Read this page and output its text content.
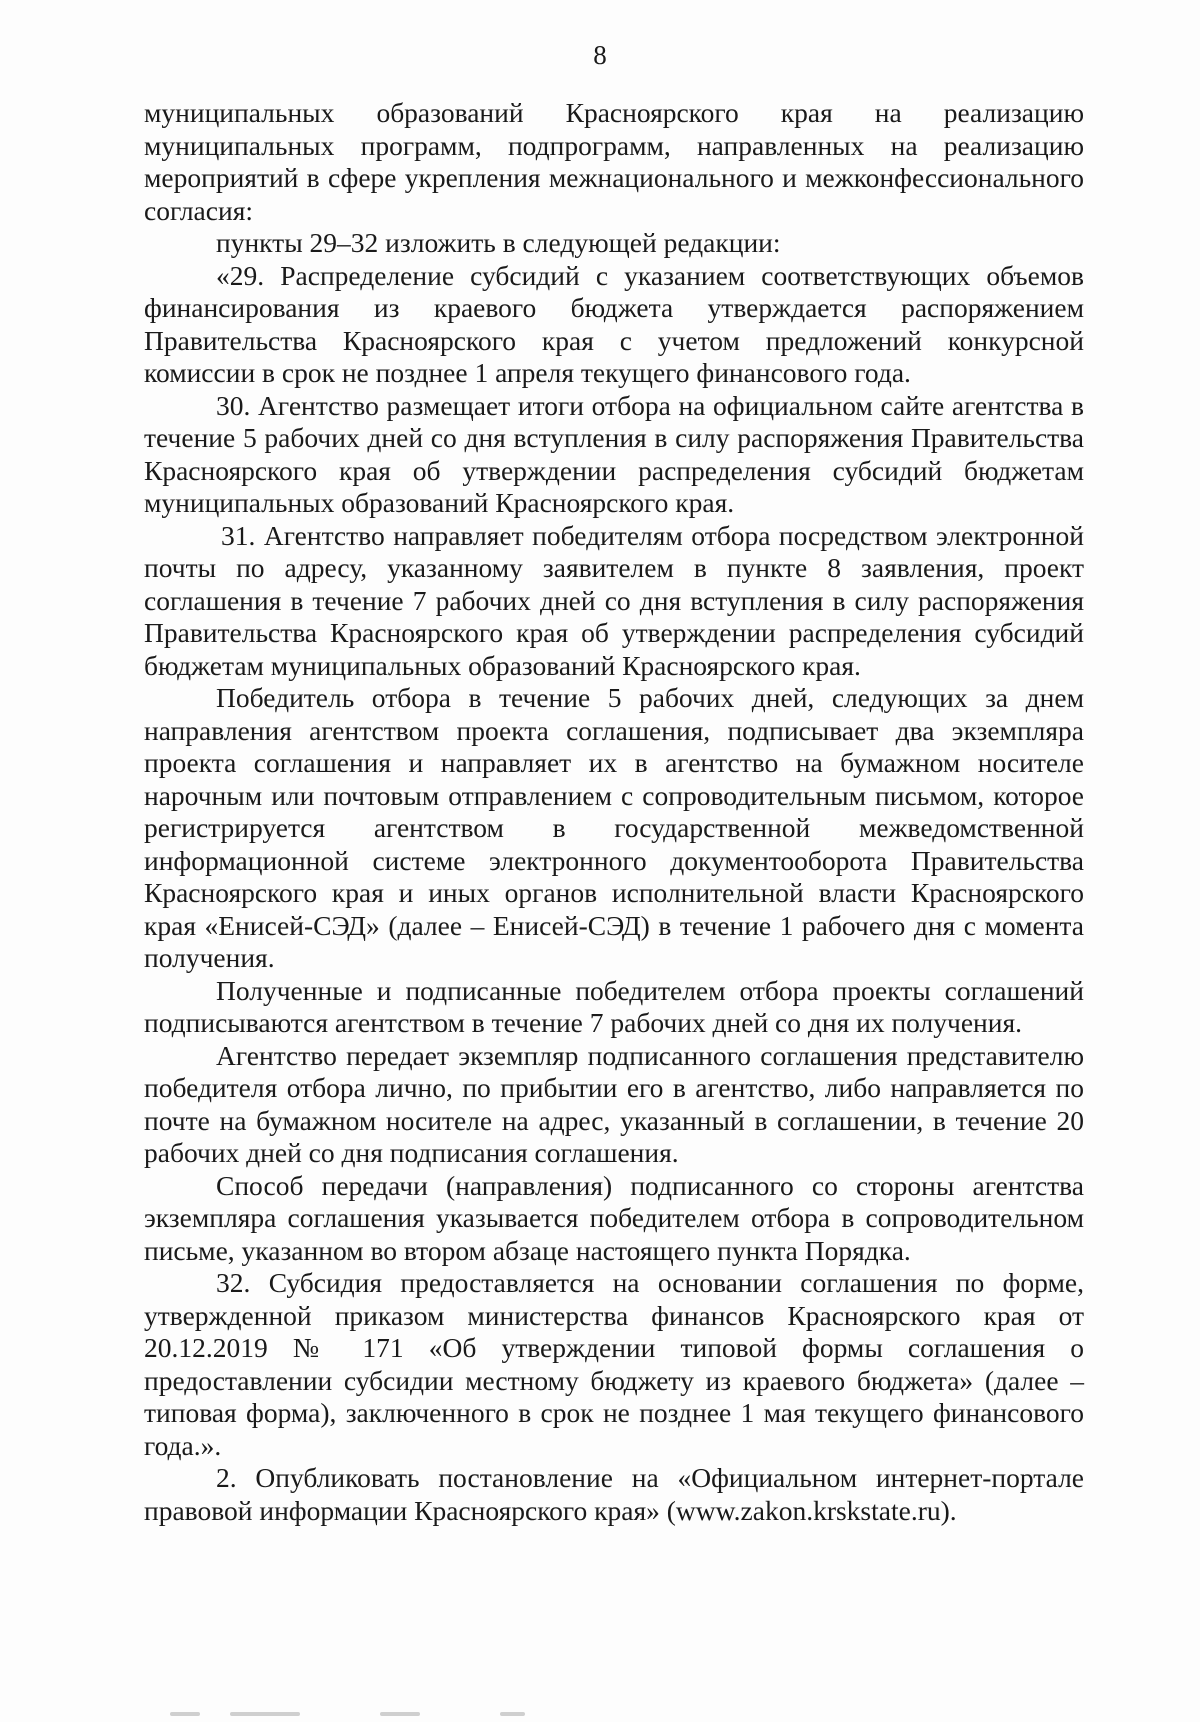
8

муниципальных образований Красноярского края на реализацию муниципальных программ, подпрограмм, направленных на реализацию мероприятий в сфере укрепления межнационального и межконфессионального согласия:

пункты 29–32 изложить в следующей редакции:

«29. Распределение субсидий с указанием соответствующих объемов финансирования из краевого бюджета утверждается распоряжением Правительства Красноярского края с учетом предложений конкурсной комиссии в срок не позднее 1 апреля текущего финансового года.

30. Агентство размещает итоги отбора на официальном сайте агентства в течение 5 рабочих дней со дня вступления в силу распоряжения Правительства Красноярского края об утверждении распределения субсидий бюджетам муниципальных образований Красноярского края.

31. Агентство направляет победителям отбора посредством электронной почты по адресу, указанному заявителем в пункте 8 заявления, проект соглашения в течение 7 рабочих дней со дня вступления в силу распоряжения Правительства Красноярского края об утверждении распределения субсидий бюджетам муниципальных образований Красноярского края.

Победитель отбора в течение 5 рабочих дней, следующих за днем направления агентством проекта соглашения, подписывает два экземпляра проекта соглашения и направляет их в агентство на бумажном носителе нарочным или почтовым отправлением с сопроводительным письмом, которое регистрируется агентством в государственной межведомственной информационной системе электронного документооборота Правительства Красноярского края и иных органов исполнительной власти Красноярского края «Енисей-СЭД» (далее – Енисей-СЭД) в течение 1 рабочего дня с момента получения.

Полученные и подписанные победителем отбора проекты соглашений подписываются агентством в течение 7 рабочих дней со дня их получения.

Агентство передает экземпляр подписанного соглашения представителю победителя отбора лично, по прибытии его в агентство, либо направляется по почте на бумажном носителе на адрес, указанный в соглашении, в течение 20 рабочих дней со дня подписания соглашения.

Способ передачи (направления) подписанного со стороны агентства экземпляра соглашения указывается победителем отбора в сопроводительном письме, указанном во втором абзаце настоящего пункта Порядка.

32. Субсидия предоставляется на основании соглашения по форме, утвержденной приказом министерства финансов Красноярского края от 20.12.2019 № 171 «Об утверждении типовой формы соглашения о предоставлении субсидии местному бюджету из краевого бюджета» (далее – типовая форма), заключенного в срок не позднее 1 мая текущего финансового года.».

2. Опубликовать постановление на «Официальном интернет-портале правовой информации Красноярского края» (www.zakon.krskstate.ru).
